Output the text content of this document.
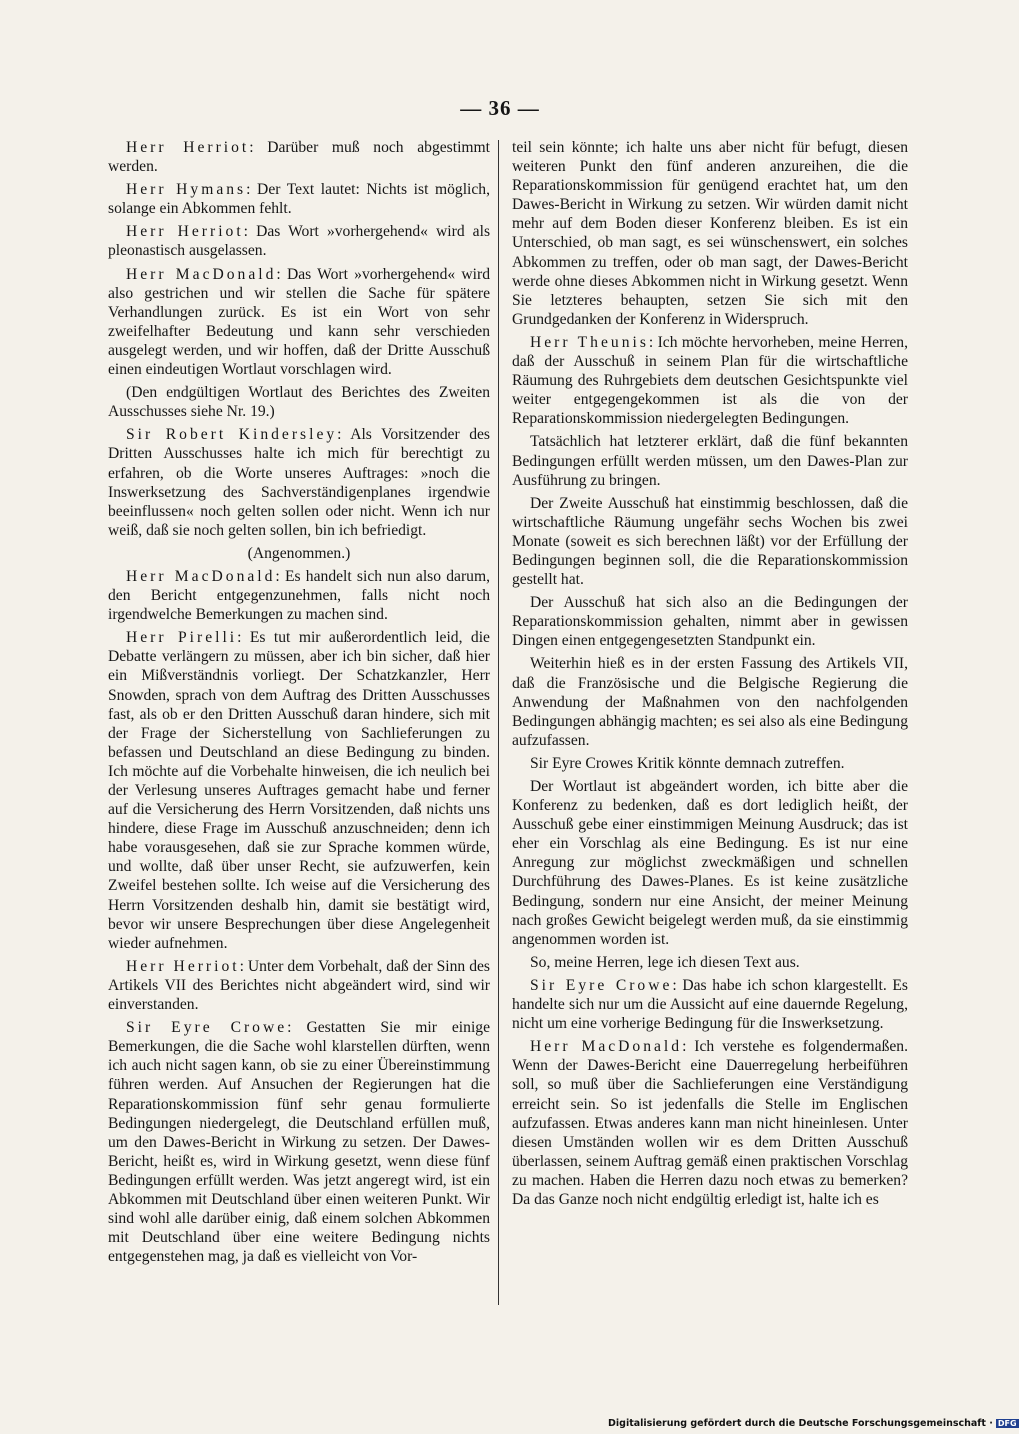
— 36 —

Herr Herriot: Darüber muß noch abgestimmt werden.

Herr Hymans: Der Text lautet: Nichts ist möglich, solange ein Abkommen fehlt.

Herr Herriot: Das Wort »vorhergehend« wird als pleonastisch ausgelassen.

Herr MacDonald: Das Wort »vorhergehend« wird also gestrichen und wir stellen die Sache für spätere Verhandlungen zurück. Es ist ein Wort von sehr zweifelhafter Bedeutung und kann sehr verschieden ausgelegt werden, und wir hoffen, daß der Dritte Ausschuß einen eindeutigen Wortlaut vorschlagen wird.

(Den endgültigen Wortlaut des Berichtes des Zweiten Ausschusses siehe Nr. 19.)

Sir Robert Kindersley: Als Vorsitzender des Dritten Ausschusses halte ich mich für berechtigt zu erfahren, ob die Worte unseres Auftrages: »noch die Inswerksetzung des Sachverständigenplanes irgendwie beeinflussen« noch gelten sollen oder nicht. Wenn ich nur weiß, daß sie noch gelten sollen, bin ich befriedigt.

(Angenommen.)

Herr MacDonald: Es handelt sich nun also darum, den Bericht entgegenzunehmen, falls nicht noch irgendwelche Bemerkungen zu machen sind.

Herr Pirelli: Es tut mir außerordentlich leid, die Debatte verlängern zu müssen, aber ich bin sicher, daß hier ein Mißverständnis vorliegt. Der Schatzkanzler, Herr Snowden, sprach von dem Auftrag des Dritten Ausschusses fast, als ob er den Dritten Ausschuß daran hindere, sich mit der Frage der Sicherstellung von Sachlieferungen zu befassen und Deutschland an diese Bedingung zu binden. Ich möchte auf die Vorbehalte hinweisen, die ich neulich bei der Verlesung unseres Auftrages gemacht habe und ferner auf die Versicherung des Herrn Vorsitzenden, daß nichts uns hindere, diese Frage im Ausschuß anzuschneiden; denn ich habe vorausgesehen, daß sie zur Sprache kommen würde, und wollte, daß über unser Recht, sie aufzuwerfen, kein Zweifel bestehen sollte. Ich weise auf die Versicherung des Herrn Vorsitzenden deshalb hin, damit sie bestätigt wird, bevor wir unsere Besprechungen über diese Angelegenheit wieder aufnehmen.

Herr Herriot: Unter dem Vorbehalt, daß der Sinn des Artikels VII des Berichtes nicht abgeändert wird, sind wir einverstanden.

Sir Eyre Crowe: Gestatten Sie mir einige Bemerkungen, die die Sache wohl klarstellen dürften, wenn ich auch nicht sagen kann, ob sie zu einer Übereinstimmung führen werden. Auf Ansuchen der Regierungen hat die Reparationskommission fünf sehr genau formulierte Bedingungen niedergelegt, die Deutschland erfüllen muß, um den Dawes-Bericht in Wirkung zu setzen. Der Dawes-Bericht, heißt es, wird in Wirkung gesetzt, wenn diese fünf Bedingungen erfüllt werden. Was jetzt angeregt wird, ist ein Abkommen mit Deutschland über einen weiteren Punkt. Wir sind wohl alle darüber einig, daß einem solchen Abkommen mit Deutschland über eine weitere Bedingung nichts entgegenstehen mag, ja daß es vielleicht von Vor-

teil sein könnte; ich halte uns aber nicht für befugt, diesen weiteren Punkt den fünf anderen anzureihen, die die Reparationskommission für genügend erachtet hat, um den Dawes-Bericht in Wirkung zu setzen. Wir würden damit nicht mehr auf dem Boden dieser Konferenz bleiben. Es ist ein Unterschied, ob man sagt, es sei wünschenswert, ein solches Abkommen zu treffen, oder ob man sagt, der Dawes-Bericht werde ohne dieses Abkommen nicht in Wirkung gesetzt. Wenn Sie letzteres behaupten, setzen Sie sich mit den Grundgedanken der Konferenz in Widerspruch.

Herr Theunis: Ich möchte hervorheben, meine Herren, daß der Ausschuß in seinem Plan für die wirtschaftliche Räumung des Ruhrgebiets dem deutschen Gesichtspunkte viel weiter entgegengekommen ist als die von der Reparationskommission niedergelegten Bedingungen.

Tatsächlich hat letzterer erklärt, daß die fünf bekannten Bedingungen erfüllt werden müssen, um den Dawes-Plan zur Ausführung zu bringen.

Der Zweite Ausschuß hat einstimmig beschlossen, daß die wirtschaftliche Räumung ungefähr sechs Wochen bis zwei Monate (soweit es sich berechnen läßt) vor der Erfüllung der Bedingungen beginnen soll, die die Reparationskommission gestellt hat.

Der Ausschuß hat sich also an die Bedingungen der Reparationskommission gehalten, nimmt aber in gewissen Dingen einen entgegengesetzten Standpunkt ein.

Weiterhin hieß es in der ersten Fassung des Artikels VII, daß die Französische und die Belgische Regierung die Anwendung der Maßnahmen von den nachfolgenden Bedingungen abhängig machten; es sei also als eine Bedingung aufzufassen.

Sir Eyre Crowes Kritik könnte demnach zutreffen.

Der Wortlaut ist abgeändert worden, ich bitte aber die Konferenz zu bedenken, daß es dort lediglich heißt, der Ausschuß gebe einer einstimmigen Meinung Ausdruck; das ist eher ein Vorschlag als eine Bedingung. Es ist nur eine Anregung zur möglichst zweckmäßigen und schnellen Durchführung des Dawes-Planes. Es ist keine zusätzliche Bedingung, sondern nur eine Ansicht, der meiner Meinung nach großes Gewicht beigelegt werden muß, da sie einstimmig angenommen worden ist.

So, meine Herren, lege ich diesen Text aus.

Sir Eyre Crowe: Das habe ich schon klargestellt. Es handelte sich nur um die Aussicht auf eine dauernde Regelung, nicht um eine vorherige Bedingung für die Inswerksetzung.

Herr MacDonald: Ich verstehe es folgendermaßen. Wenn der Dawes-Bericht eine Dauerregelung herbeiführen soll, so muß über die Sachlieferungen eine Verständigung erreicht sein. So ist jedenfalls die Stelle im Englischen aufzufassen. Etwas anderes kann man nicht hineinlesen. Unter diesen Umständen wollen wir es dem Dritten Ausschuß überlassen, seinem Auftrag gemäß einen praktischen Vorschlag zu machen. Haben die Herren dazu noch etwas zu bemerken? Da das Ganze noch nicht endgültig erledigt ist, halte ich es

Digitalisierung gefördert durch die Deutsche Forschungsgemeinschaft · DFG
